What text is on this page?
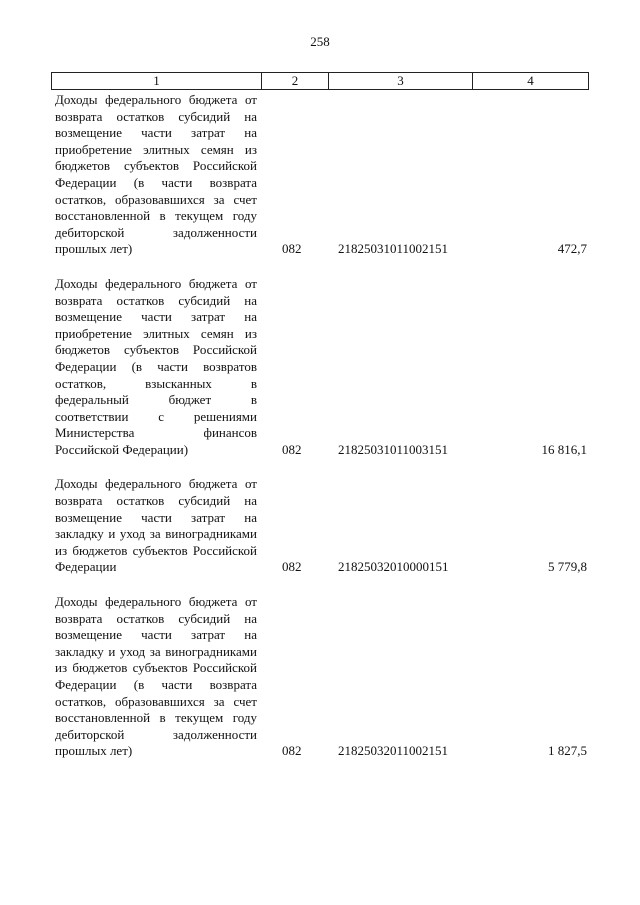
258
1	2	3	4
Доходы федерального бюджета от возврата остатков субсидий на возмещение части затрат на приобретение элитных семян из бюджетов субъектов Российской Федерации (в части возврата остатков, образовавшихся за счет восстановленной в текущем году дебиторской задолженности прошлых лет)	082	21825031011002151	472,7
Доходы федерального бюджета от возврата остатков субсидий на возмещение части затрат на приобретение элитных семян из бюджетов субъектов Российской Федерации (в части возвратов остатков, взысканных в федеральный бюджет в соответствии с решениями Министерства финансов Российской Федерации)	082	21825031011003151	16 816,1
Доходы федерального бюджета от возврата остатков субсидий на возмещение части затрат на закладку и уход за виноградниками из бюджетов субъектов Российской Федерации	082	21825032010000151	5 779,8
Доходы федерального бюджета от возврата остатков субсидий на возмещение части затрат на закладку и уход за виноградниками из бюджетов субъектов Российской Федерации (в части возврата остатков, образовавшихся за счет восстановленной в текущем году дебиторской задолженности прошлых лет)	082	21825032011002151	1 827,5
